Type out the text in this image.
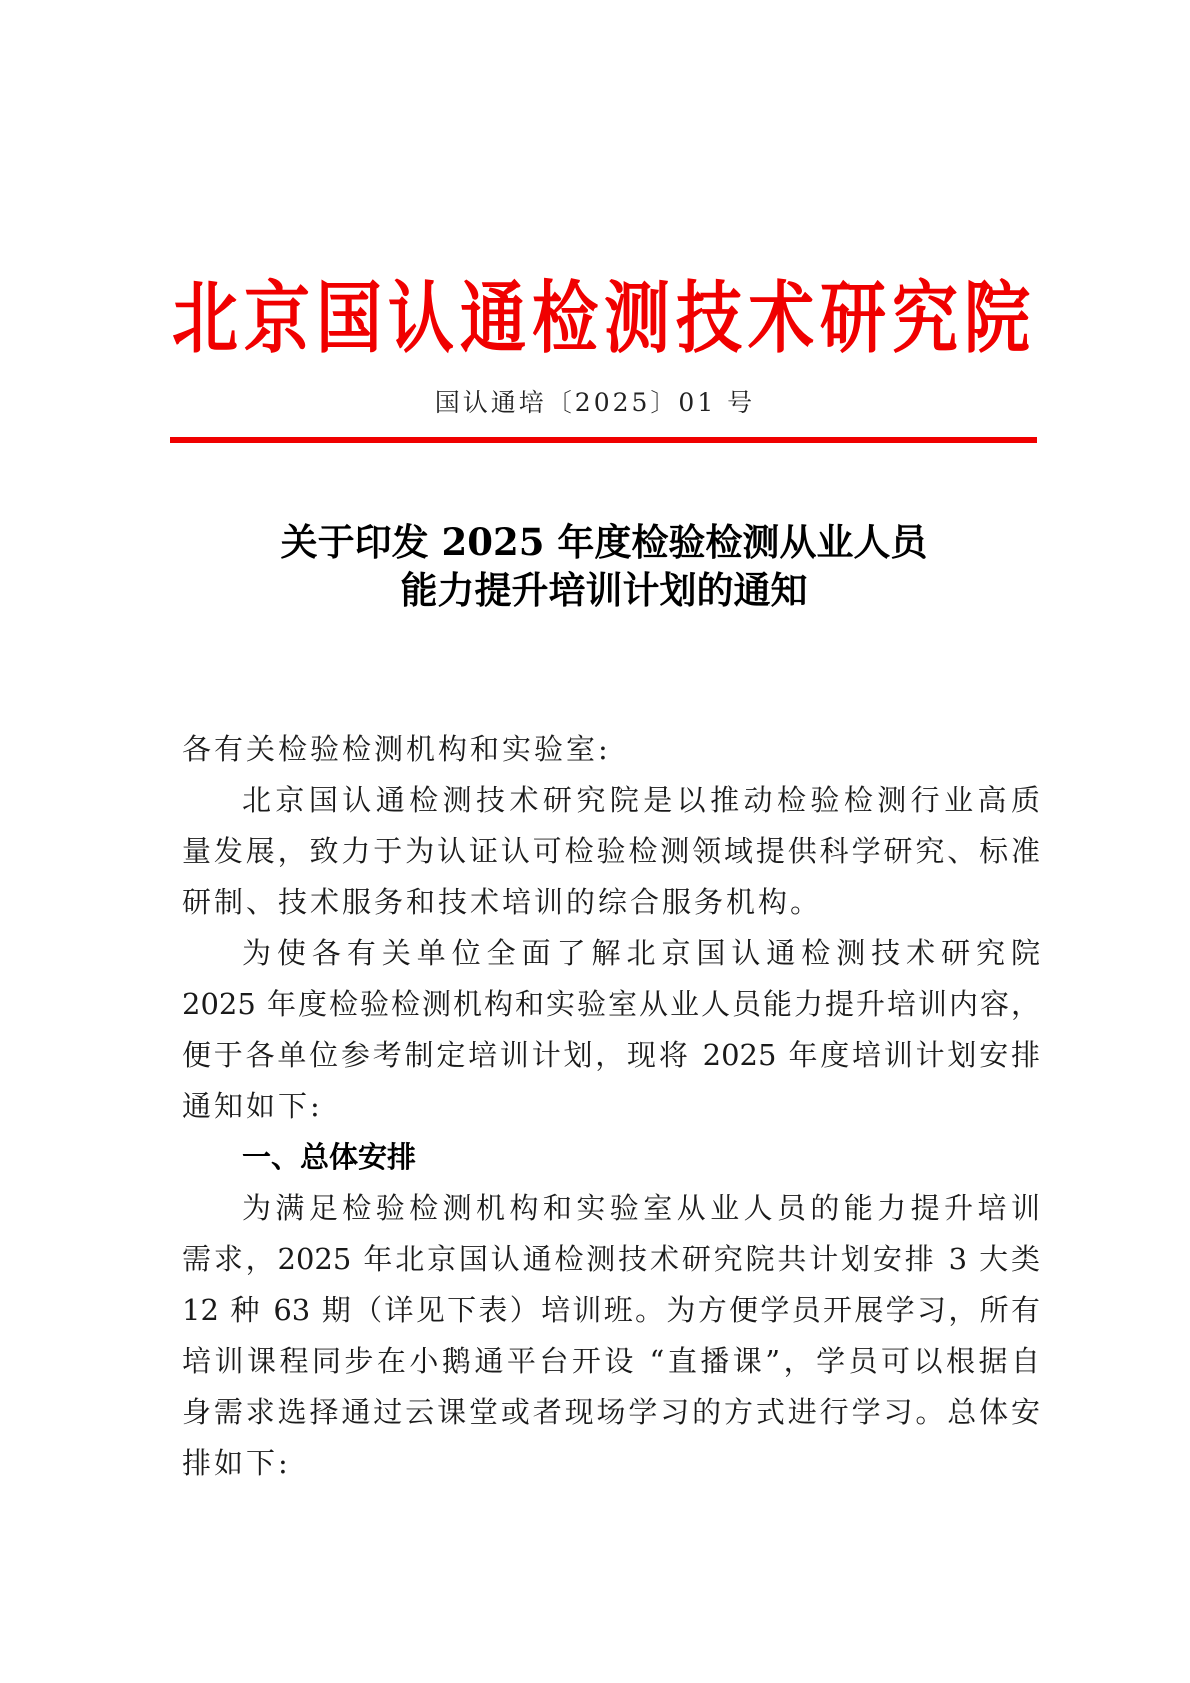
北京国认通检测技术研究院
国认通培〔2025〕01 号
关于印发 2025 年度检验检测从业人员
能力提升培训计划的通知
各有关检验检测机构和实验室:
北京国认通检测技术研究院是以推动检验检测行业高质
量发展，致力于为认证认可检验检测领域提供科学研究、标准
研制、技术服务和技术培训的综合服务机构。
为使各有关单位全面了解北京国认通检测技术研究院
2025 年度检验检测机构和实验室从业人员能力提升培训内容，
便于各单位参考制定培训计划，现将 2025 年度培训计划安排
通知如下:
一、总体安排
为满足检验检测机构和实验室从业人员的能力提升培训
需求，2025 年北京国认通检测技术研究院共计划安排 3 大类
12 种 63 期（详见下表）培训班。为方便学员开展学习，所有
培训课程同步在小鹅通平台开设 “直播课”，学员可以根据自
身需求选择通过云课堂或者现场学习的方式进行学习。总体安
排如下:
